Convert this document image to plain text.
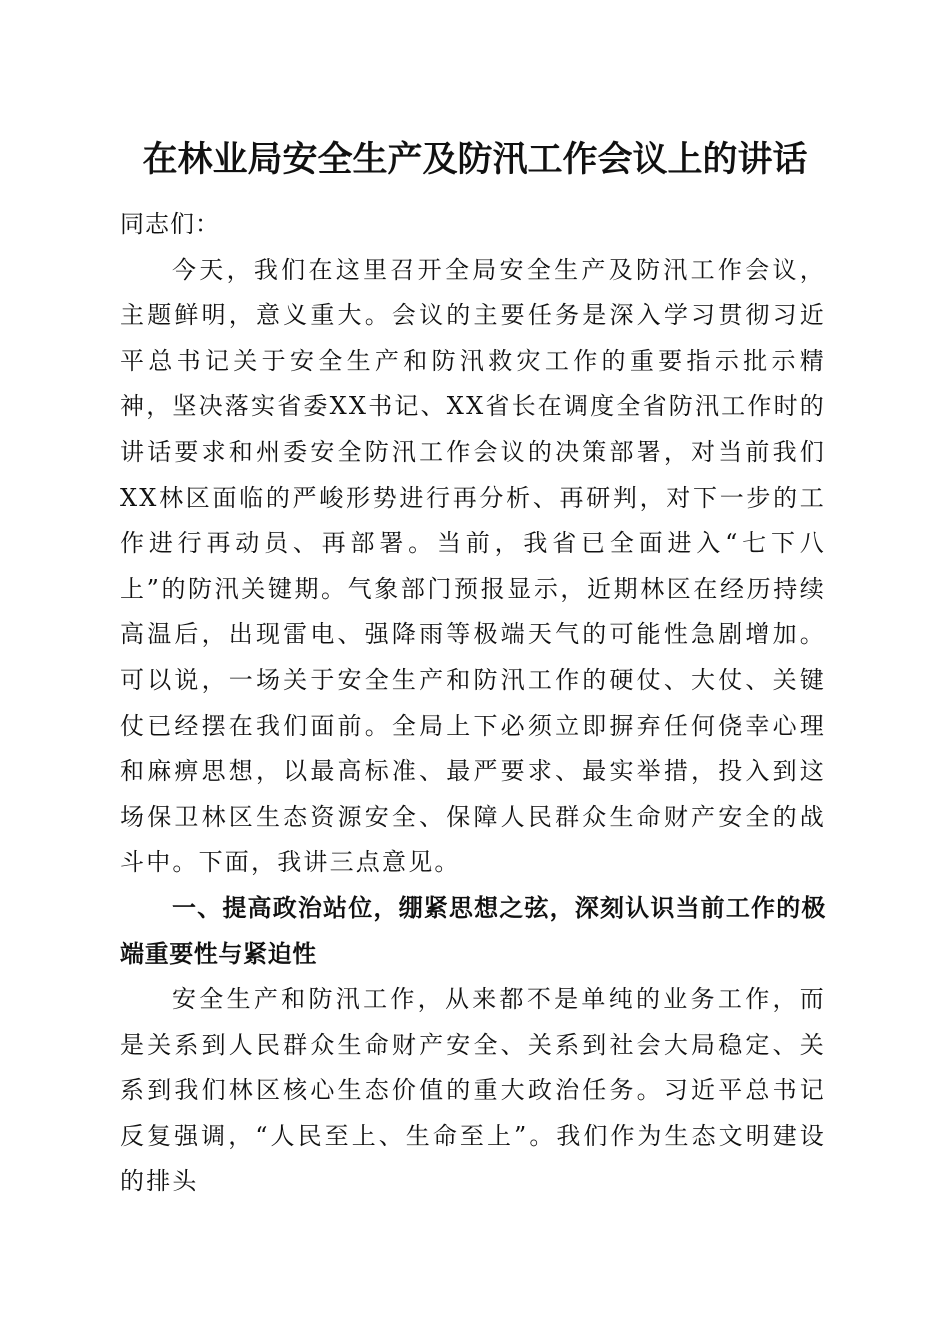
在林业局安全生产及防汛工作会议上的讲话

同志们：

今天，我们在这里召开全局安全生产及防汛工作会议，主题鲜明，意义重大。会议的主要任务是深入学习贯彻习近平总书记关于安全生产和防汛救灾工作的重要指示批示精神，坚决落实省委XX书记、XX省长在调度全省防汛工作时的讲话要求和州委安全防汛工作会议的决策部署，对当前我们XX林区面临的严峻形势进行再分析、再研判，对下一步的工作进行再动员、再部署。当前，我省已全面进入“七下八上”的防汛关键期。气象部门预报显示，近期林区在经历持续高温后，出现雷电、强降雨等极端天气的可能性急剧增加。可以说，一场关于安全生产和防汛工作的硬仗、大仗、关键仗已经摆在我们面前。全局上下必须立即摒弃任何侥幸心理和麻痹思想，以最高标准、最严要求、最实举措，投入到这场保卫林区生态资源安全、保障人民群众生命财产安全的战斗中。下面，我讲三点意见。

一、提高政治站位，绷紧思想之弦，深刻认识当前工作的极端重要性与紧迫性

安全生产和防汛工作，从来都不是单纯的业务工作，而是关系到人民群众生命财产安全、关系到社会大局稳定、关系到我们林区核心生态价值的重大政治任务。习近平总书记反复强调，“人民至上、生命至上”。我们作为生态文明建设的排头
